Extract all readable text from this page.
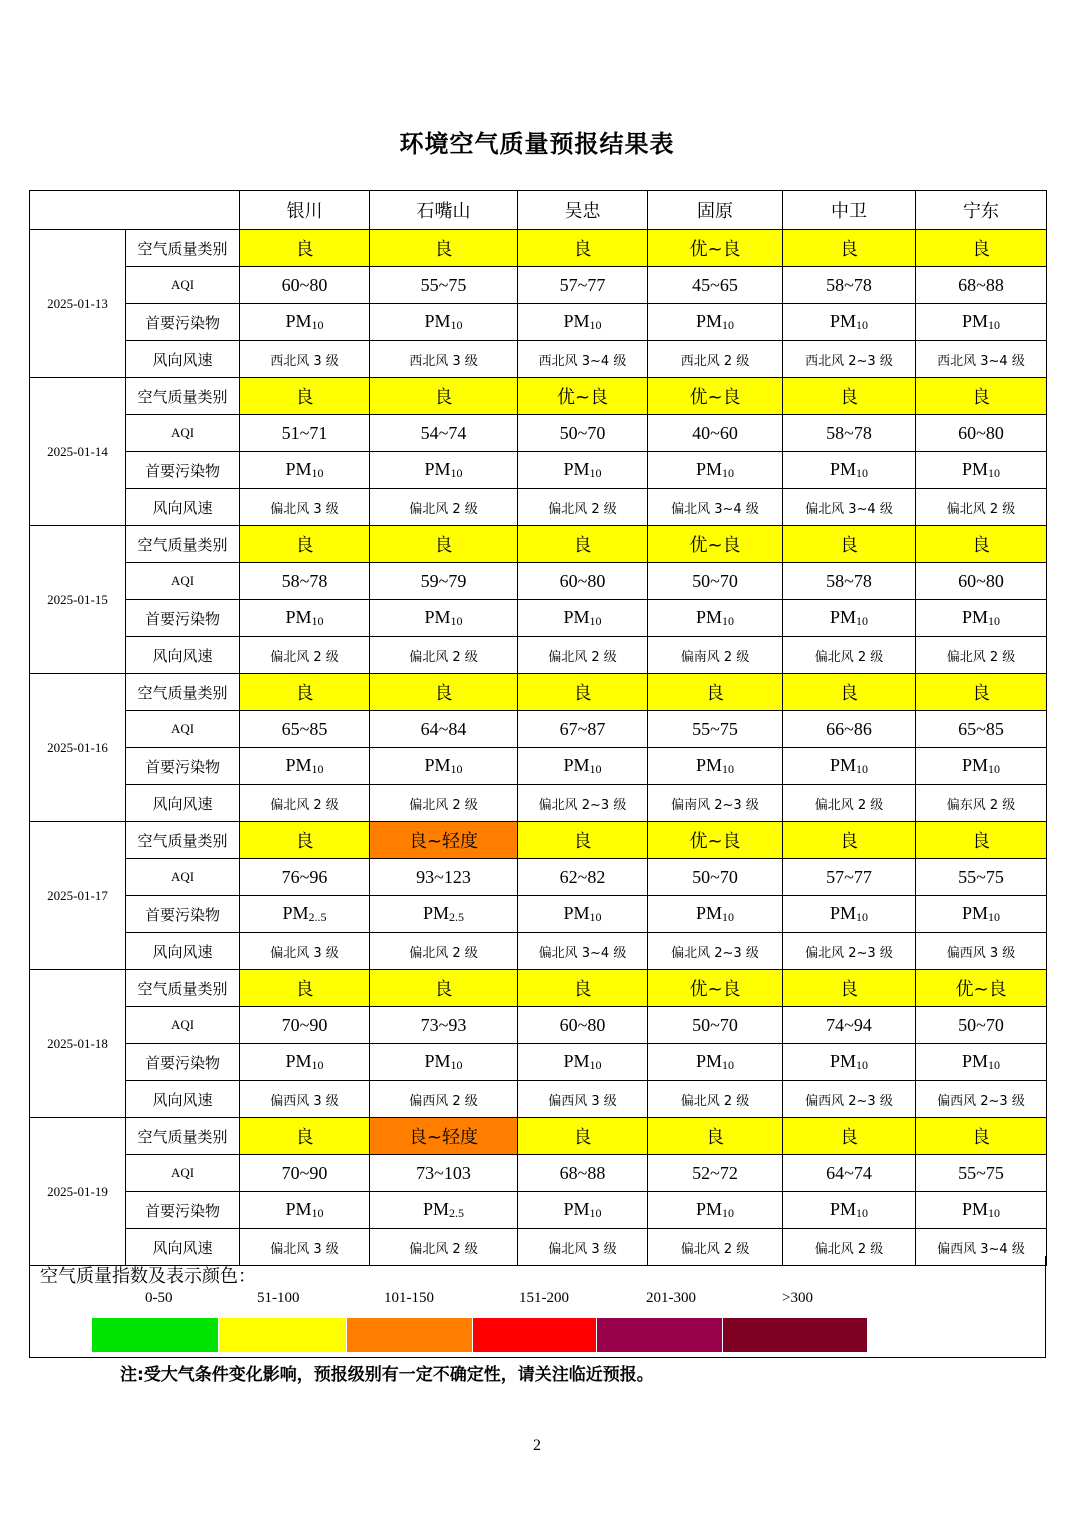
环境空气质量预报结果表
		银川	石嘴山	吴忠	固原	中卫	宁东
2025-01-13	空气质量类别	良	良	良	优~良	良	良
	AQI	60~80	55~75	57~77	45~65	58~78	68~88
	首要污染物	$PM_{10}$	$PM_{10}$	$PM_{10}$	$PM_{10}$	$PM_{10}$	$PM_{10}$
	风向风速	西北风 3 级	西北风 3 级	西北风 3~4 级	西北风 2 级	西北风 2~3 级	西北风 3~4 级
2025-01-14	空气质量类别	良	良	优~良	优~良	良	良
	AQI	51~71	54~74	50~70	40~60	58~78	60~80
	首要污染物	$PM_{10}$	$PM_{10}$	$PM_{10}$	$PM_{10}$	$PM_{10}$	$PM_{10}$
	风向风速	偏北风 3 级	偏北风 2 级	偏北风 2 级	偏北风 3~4 级	偏北风 3~4 级	偏北风 2 级
2025-01-15	空气质量类别	良	良	良	优~良	良	良
	AQI	58~78	59~79	60~80	50~70	58~78	60~80
	首要污染物	$PM_{10}$	$PM_{10}$	$PM_{10}$	$PM_{10}$	$PM_{10}$	$PM_{10}$
	风向风速	偏北风 2 级	偏北风 2 级	偏北风 2 级	偏南风 2 级	偏北风 2 级	偏北风 2 级
2025-01-16	空气质量类别	良	良	良	良	良	良
	AQI	65~85	64~84	67~87	55~75	66~86	65~85
	首要污染物	$PM_{10}$	$PM_{10}$	$PM_{10}$	$PM_{10}$	$PM_{10}$	$PM_{10}$
	风向风速	偏北风 2 级	偏北风 2 级	偏北风 2~3 级	偏南风 2~3 级	偏北风 2 级	偏东风 2 级
2025-01-17	空气质量类别	良	良~轻度	良	优~良	良	良
	AQI	76~96	93~123	62~82	50~70	57~77	55~75
	首要污染物	$PM_{2..5}$	$PM_{2.5}$	$PM_{10}$	$PM_{10}$	$PM_{10}$	$PM_{10}$
	风向风速	偏北风 3 级	偏北风 2 级	偏北风 3~4 级	偏北风 2~3 级	偏北风 2~3 级	偏西风 3 级
2025-01-18	空气质量类别	良	良	良	优~良	良	优~良
	AQI	70~90	73~93	60~80	50~70	74~94	50~70
	首要污染物	$PM_{10}$	$PM_{10}$	$PM_{10}$	$PM_{10}$	$PM_{10}$	$PM_{10}$
	风向风速	偏西风 3 级	偏西风 2 级	偏西风 3 级	偏北风 2 级	偏西风 2~3 级	偏西风 2~3 级
2025-01-19	空气质量类别	良	良~轻度	良	良	良	良
	AQI	70~90	73~103	68~88	52~72	64~74	55~75
	首要污染物	$PM_{10}$	$PM_{2.5}$	$PM_{10}$	$PM_{10}$	$PM_{10}$	$PM_{10}$
	风向风速	偏北风 3 级	偏北风 2 级	偏北风 3 级	偏北风 2 级	偏北风 2 级	偏西风 3~4 级
空气质量指数及表示颜色：
0-50	51-100	101-150	151-200	201-300	>300
注:受大气条件变化影响，预报级别有一定不确定性，请关注临近预报。
2
